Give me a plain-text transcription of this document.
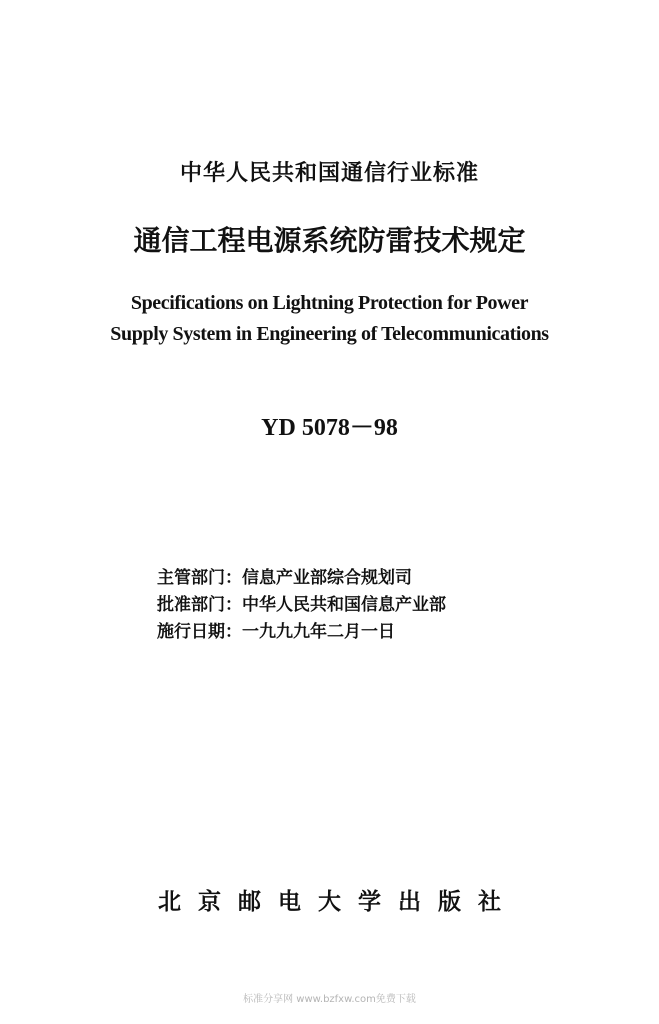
中华人民共和国通信行业标准
通信工程电源系统防雷技术规定
Specifications on Lightning Protection for Power
Supply System in Engineering of Telecommunications
YD 5078－98
主管部门：信息产业部综合规划司
批准部门：中华人民共和国信息产业部
施行日期：一九九九年二月一日
北京邮电大学出版社
标准分享网 www.bzfxw.com免费下载
